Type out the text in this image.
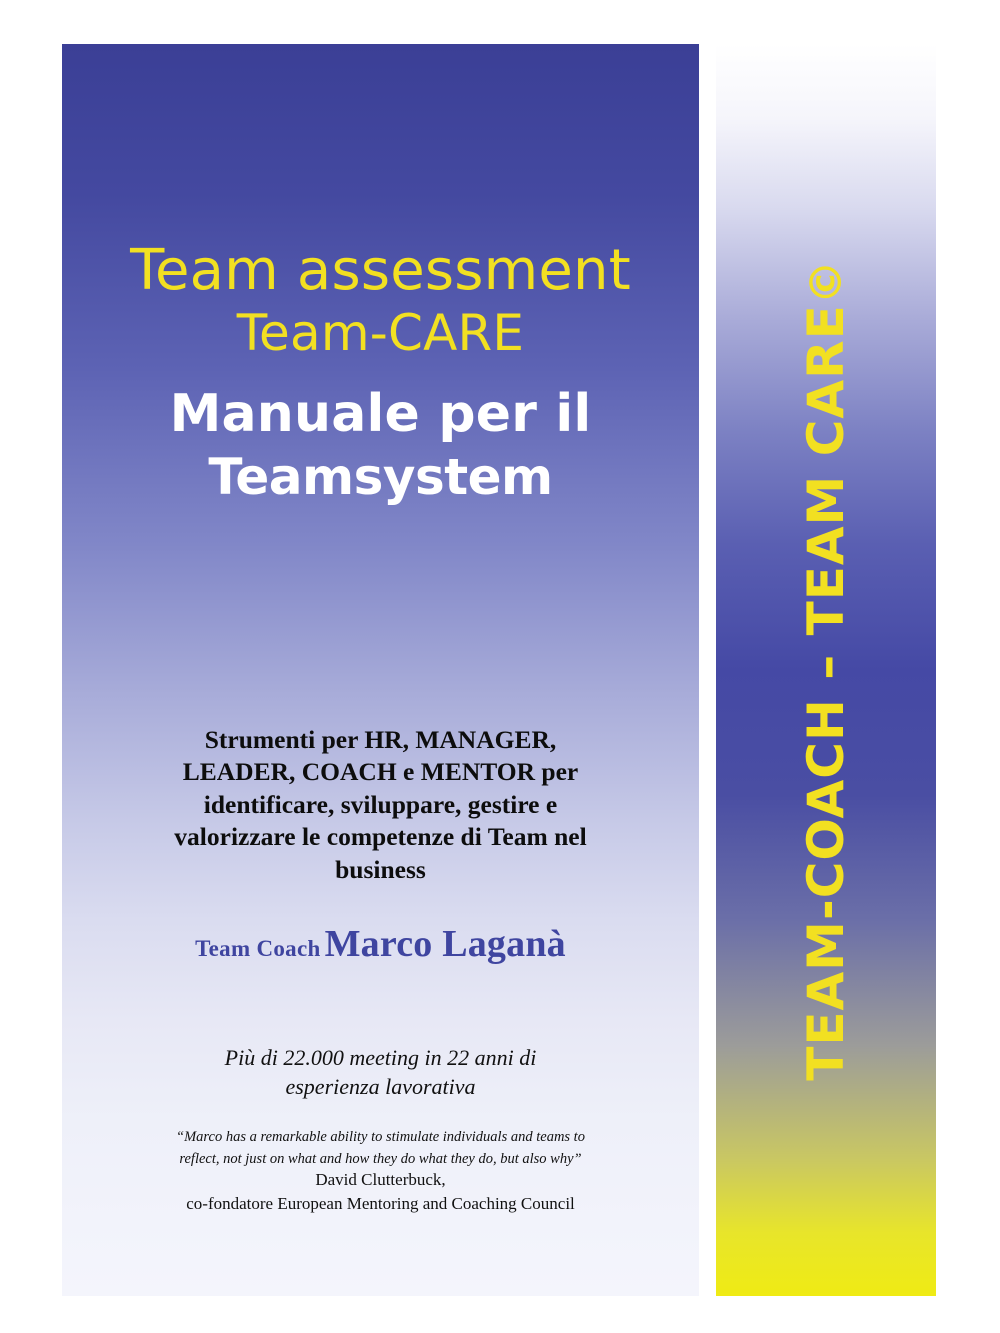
Team assessment
Team-CARE
Manuale per il
Teamsystem
Strumenti per HR, MANAGER, LEADER, COACH e MENTOR per identificare, sviluppare, gestire e valorizzare le competenze di Team nel business
Team Coach Marco Laganà
Più di 22.000 meeting in 22 anni di esperienza lavorativa
“Marco has a remarkable ability to stimulate individuals and teams to reflect, not just on what and how they do what they do, but also why” David Clutterbuck,
co-fondatore European Mentoring and Coaching Council
TEAM-COACH – TEAM CARE©
